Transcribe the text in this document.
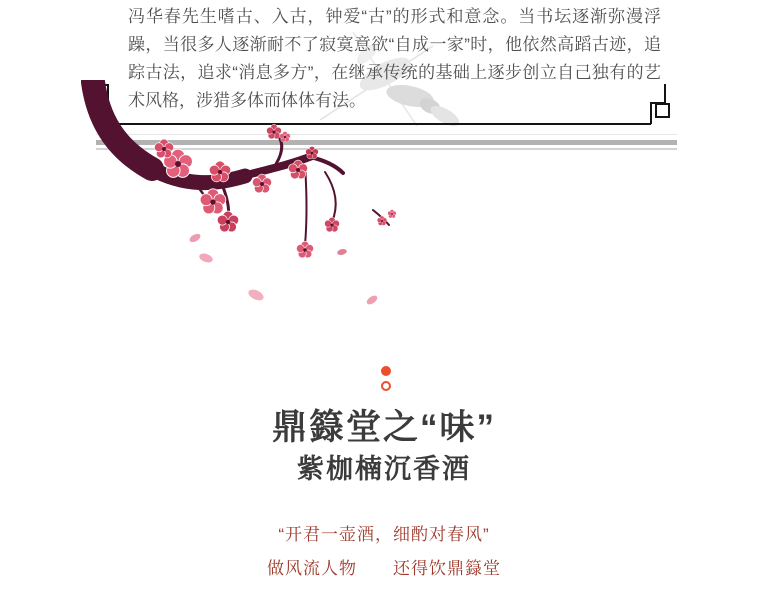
冯华春先生嗜古、入古，钟爱“古”的形式和意念。当书坛逐渐弥漫浮躁，当很多人逐渐耐不了寂寞意欲“自成一家”时，他依然高蹈古迹，追踪古法，追求“消息多方”，在继承传统的基础上逐步创立自己独有的艺术风格，涉猎多体而体体有法。

鼎籙堂之“味”
紫枷楠沉香酒

“开君一壶酒，细酌对春风”

做风流人物　　还得饮鼎籙堂
